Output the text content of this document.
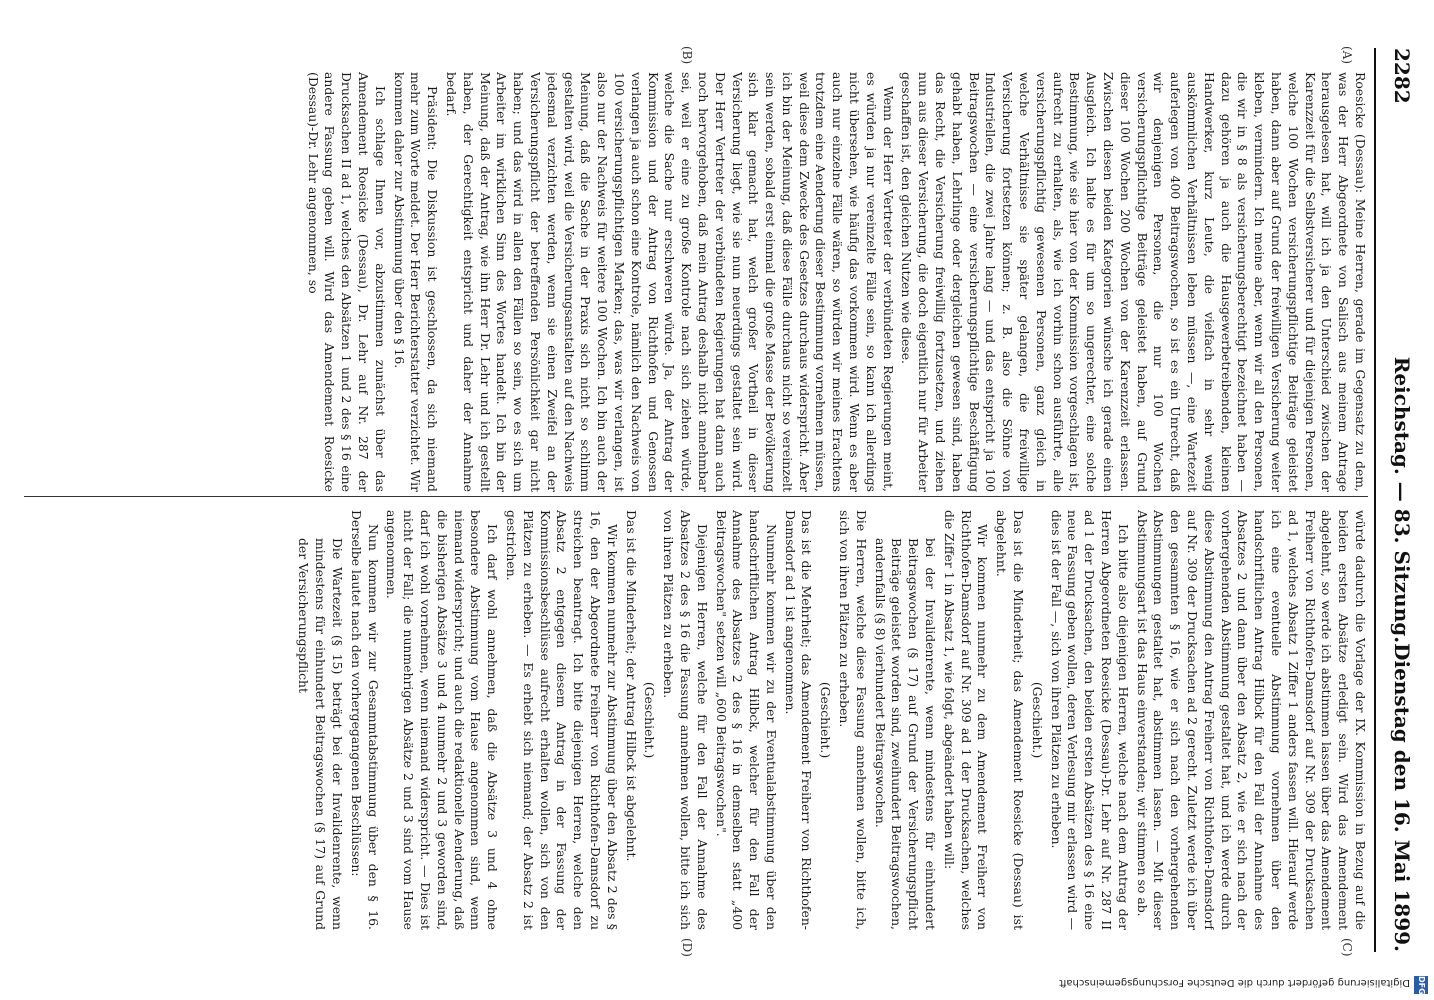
2282
Reichstag. — 83. Sitzung.
Dienstag den 16. Mai 1899.
(A)
(B)
(C)
(D)

Roesicke (Dessau): Meine Herren, gerade im Gegensatz zu dem, was der Herr Abgeordnete von Salisch aus meinem Antrage herausgelesen hat, will ich ja den Unterschied zwischen der Karenzzeit für die Selbstversicherer und für diejenigen Personen, welche 100 Wochen versicherungspflichtige Beiträge geleistet haben, dann aber auf Grund der freiwilligen Versicherung weiter kleben, vermindern. Ich meine aber, wenn wir all den Personen, die wir in § 8 als versicherungsberechtigt bezeichnet haben — dazu gehören ja auch die Hausgewerbetreibenden, kleinen Handwerker, kurz Leute, die vielfach in sehr wenig auskömmlichen Verhältnissen leben müssen —, eine Wartezeit auferlegen von 400 Beitragswochen, so ist es ein Unrecht, daß wir denjenigen Personen, die nur 100 Wochen versicherungspflichtige Beiträge geleistet haben, auf Grund dieser 100 Wochen 200 Wochen von der Karenzzeit erlassen. Zwischen diesen beiden Kategorien wünsche ich gerade einen Ausgleich. Ich halte es für um so ungerechter, eine solche Bestimmung, wie sie hier von der Kommission vorgeschlagen ist, aufrecht zu erhalten, als, wie ich vorhin schon ausführte, alle versicherungspflichtig gewesenen Personen, ganz gleich in welche Verhältnisse sie später gelangen, die freiwillige Versicherung fortsetzen können; z. B. also die Söhne von Industriellen, die zwei Jahre lang — und das entspricht ja 100 Beitragswochen — eine versicherungspflichtige Beschäftigung gehabt haben, Lehrlinge oder dergleichen gewesen sind, haben das Recht, die Versicherung freiwillig fortzusetzen, und ziehen nun aus dieser Versicherung, die doch eigentlich nur für Arbeiter geschaffen ist, den gleichen Nutzen wie diese.

Wenn der Herr Vertreter der verbündeten Regierungen meint, es würden ja nur vereinzelte Fälle sein, so kann ich allerdings nicht übersehen, wie häufig das vorkommen wird. Wenn es aber auch nur einzelne Fälle wären, so würden wir meines Erachtens trotzdem eine Aenderung dieser Bestimmung vornehmen müssen, weil diese dem Zwecke des Gesetzes durchaus widerspricht. Aber ich bin der Meinung, daß diese Fälle durchaus nicht so vereinzelt sein werden, sobald erst einmal die große Masse der Bevölkerung sich klar gemacht hat, welch großer Vortheil in dieser Versicherung liegt, wie sie nun neuerdings gestaltet sein wird. Der Herr Vertreter der verbündeten Regierungen hat dann auch noch hervorgehoben, daß mein Antrag deshalb nicht annehmbar sei, weil er eine zu große Kontrole nach sich ziehen würde, welche die Sache nur erschweren würde. Ja, der Antrag der Kommission und der Antrag von Richthofen und Genossen verlangen ja auch schon eine Kontrole, nämlich den Nachweis von 100 versicherungspflichtigen Marken; das, was wir verlangen, ist also nur der Nachweis für weitere 100 Wochen. Ich bin auch der Meinung, daß die Sache in der Praxis sich nicht so schlimm gestalten wird, weil die Versicherungsanstalten auf den Nachweis jedesmal verzichten werden, wenn sie einen Zweifel an der Versicherungspflicht der betreffenden Persönlichkeit gar nicht haben; und das wird in allen den Fällen so sein, wo es sich um Arbeiter im wirklichen Sinn des Wortes handelt. Ich bin der Meinung, daß der Antrag, wie ihn Herr Dr. Lehr und ich gestellt haben, der Gerechtigkeit entspricht und daher der Annahme bedarf.

Präsident: Die Diskussion ist geschlossen, da sich niemand mehr zum Worte meldet. Der Herr Berichterstatter verzichtet. Wir kommen daher zur Abstimmung über den § 16.

Ich schlage Ihnen vor, abzustimmen zunächst über das Amendement Roesicke (Dessau), Dr. Lehr auf Nr. 287 der Drucksachen II ad 1, welches den Absätzen 1 und 2 des § 16 eine andere Fassung geben will. Wird das Amendement Roesicke (Dessau)-Dr. Lehr angenommen, so

würde dadurch die Vorlage der IX. Kommission in Bezug auf die beiden ersten Absätze erledigt sein. Wird das Amendement abgelehnt, so werde ich abstimmen lassen über das Amendement Freiherr von Richthofen-Damsdorf auf Nr. 309 der Drucksachen ad 1, welches Absatz 1 Ziffer 1 anders fassen will. Hierauf werde ich eine eventuelle Abstimmung vornehmen über den handschriftlichen Antrag Hilbck für den Fall der Annahme des Absatzes 2 und dann über den Absatz 2, wie er sich nach der vorhergehenden Abstimmung gestaltet hat, und ich werde durch diese Abstimmung den Antrag Freiherr von Richthofen-Damsdorf auf Nr. 309 der Drucksachen ad 2 gerecht. Zuletzt werde ich über den gesammten § 16, wie er sich nach den vorhergehenden Abstimmungen gestaltet hat, abstimmen lassen. — Mit dieser Abstimmungsart ist das Haus einverstanden; wir stimmen so ab.

Ich bitte also diejenigen Herren, welche nach dem Antrag der Herren Abgeordneten Roesicke (Dessau)-Dr. Lehr auf Nr. 287 II ad 1 der Drucksachen, den beiden ersten Absätzen des § 16 eine neue Fassung geben wollen, deren Verlesung mir erlassen wird — dies ist der Fall —, sich von ihren Plätzen zu erheben.

(Geschieht.)

Das ist die Minderheit; das Amendement Roesicke (Dessau) ist abgelehnt.

Wir kommen nunmehr zu dem Amendement Freiherr von Richthofen-Damsdorf auf Nr. 309 ad 1 der Drucksachen, welches die Ziffer 1 in Absatz 1, wie folgt, abgeändert haben will:

bei der Invalidenrente, wenn mindestens für einhundert Beitragswochen (§ 17) auf Grund der Versicherungspflicht Beiträge geleistet worden sind, zweihundert Beitragswochen, andernfalls (§ 8) vierhundert Beitragswochen.

Die Herren, welche diese Fassung annehmen wollen, bitte ich, sich von ihren Plätzen zu erheben.

(Geschieht.)

Das ist die Mehrheit; das Amendement Freiherr von Richthofen-Damsdorf ad 1 ist angenommen.

Nunmehr kommen wir zu der Eventualabstimmung über den handschriftlichen Antrag Hilbck, welcher für den Fall der Annahme des Absatzes 2 des § 16 in demselben statt „400 Beitragswochen" setzen will „600 Beitragswochen".

Diejenigen Herren, welche für den Fall der Annahme des Absatzes 2 des § 16 die Fassung annehmen wollen, bitte ich sich von ihren Plätzen zu erheben.

(Geschieht.)

Das ist die Minderheit; der Antrag Hilbck ist abgelehnt.

Wir kommen nunmehr zur Abstimmung über den Absatz 2 des § 16, den der Abgeordnete Freiherr von Richthofen-Damsdorf zu streichen beantragt. Ich bitte diejenigen Herren, welche den Absatz 2 entgegen diesem Antrag in der Fassung der Kommissionsbeschlüsse aufrecht erhalten wollen, sich von den Plätzen zu erheben. — Es erhebt sich niemand; der Absatz 2 ist gestrichen.

Ich darf wohl annehmen, daß die Absätze 3 und 4 ohne besondere Abstimmung vom Hause angenommen sind, wenn niemand widerspricht; und auch die redaktionelle Aenderung, daß die bisherigen Absätze 3 und 4 nunmehr 2 und 3 geworden sind, darf ich wohl vornehmen, wenn niemand widerspricht. — Dies ist nicht der Fall; die nunmehrigen Absätze 2 und 3 sind vom Hause angenommen.

Nun kommen wir zur Gesammtabstimmung über den § 16. Derselbe lautet nach den vorhergegangenen Beschlüssen:

Die Wartezeit (§ 15) beträgt bei der Invalidenrente, wenn mindestens für einhundert Beitragswochen (§ 17) auf Grund der Versicherungspflicht

DFG
Digitalisierung gefördert durch die Deutsche Forschungsgemeinschaft
